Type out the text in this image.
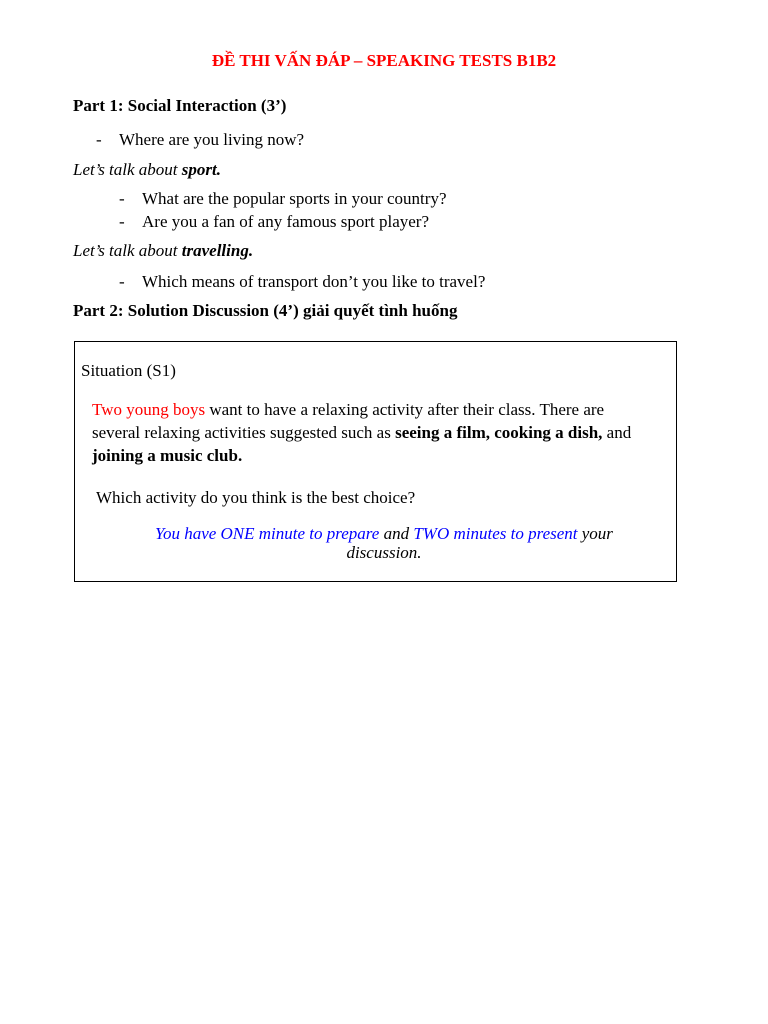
ĐỀ THI VẤN ĐÁP – SPEAKING TESTS B1B2
Part 1: Social Interaction (3’)
- Where are you living now?
Let’s talk about sport.
- What are the popular sports in your country?
- Are you a fan of any famous sport player?
Let’s talk about travelling.
- Which means of transport don’t you like to travel?
Part 2: Solution Discussion (4’) giải quyết tình huống
Situation (S1)
Two young boys want to have a relaxing activity after their class. There are
several relaxing activities suggested such as seeing a film, cooking a dish, and
joining a music club.
Which activity do you think is the best choice?
You have ONE minute to prepare and TWO minutes to present your
discussion.
